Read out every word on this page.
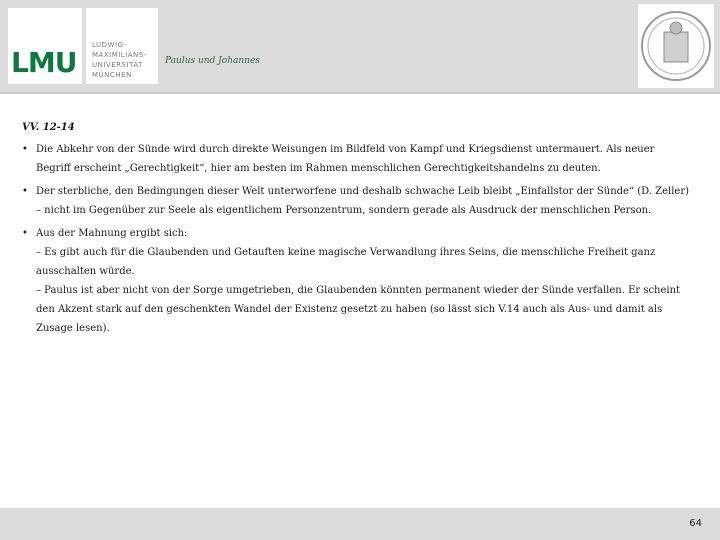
LMU
LUDWIG-
MAXIMILIANS-
UNIVERSITÄT
MÜNCHEN
Paulus und Johannes
VV. 12-14
• Die Abkehr von der Sünde wird durch direkte Weisungen im Bildfeld von Kampf und Kriegsdienst untermauert. Als neuer Begriff erscheint „Gerechtigkeit“, hier am besten im Rahmen menschlichen Gerechtigkeitshandelns zu deuten.
• Der sterbliche, den Bedingungen dieser Welt unterworfene und deshalb schwache Leib bleibt „Einfallstor der Sünde“ (D. Zeller) – nicht im Gegenüber zur Seele als eigentlichem Personzentrum, sondern gerade als Ausdruck der menschlichen Person.
• Aus der Mahnung ergibt sich:
– Es gibt auch für die Glaubenden und Getauften keine magische Verwandlung ihres Seins, die menschliche Freiheit ganz ausschalten würde.
– Paulus ist aber nicht von der Sorge umgetrieben, die Glaubenden könnten permanent wieder der Sünde verfallen. Er scheint den Akzent stark auf den geschenkten Wandel der Existenz gesetzt zu haben (so lässt sich V.14 auch als Aus- und damit als Zusage lesen).
64
